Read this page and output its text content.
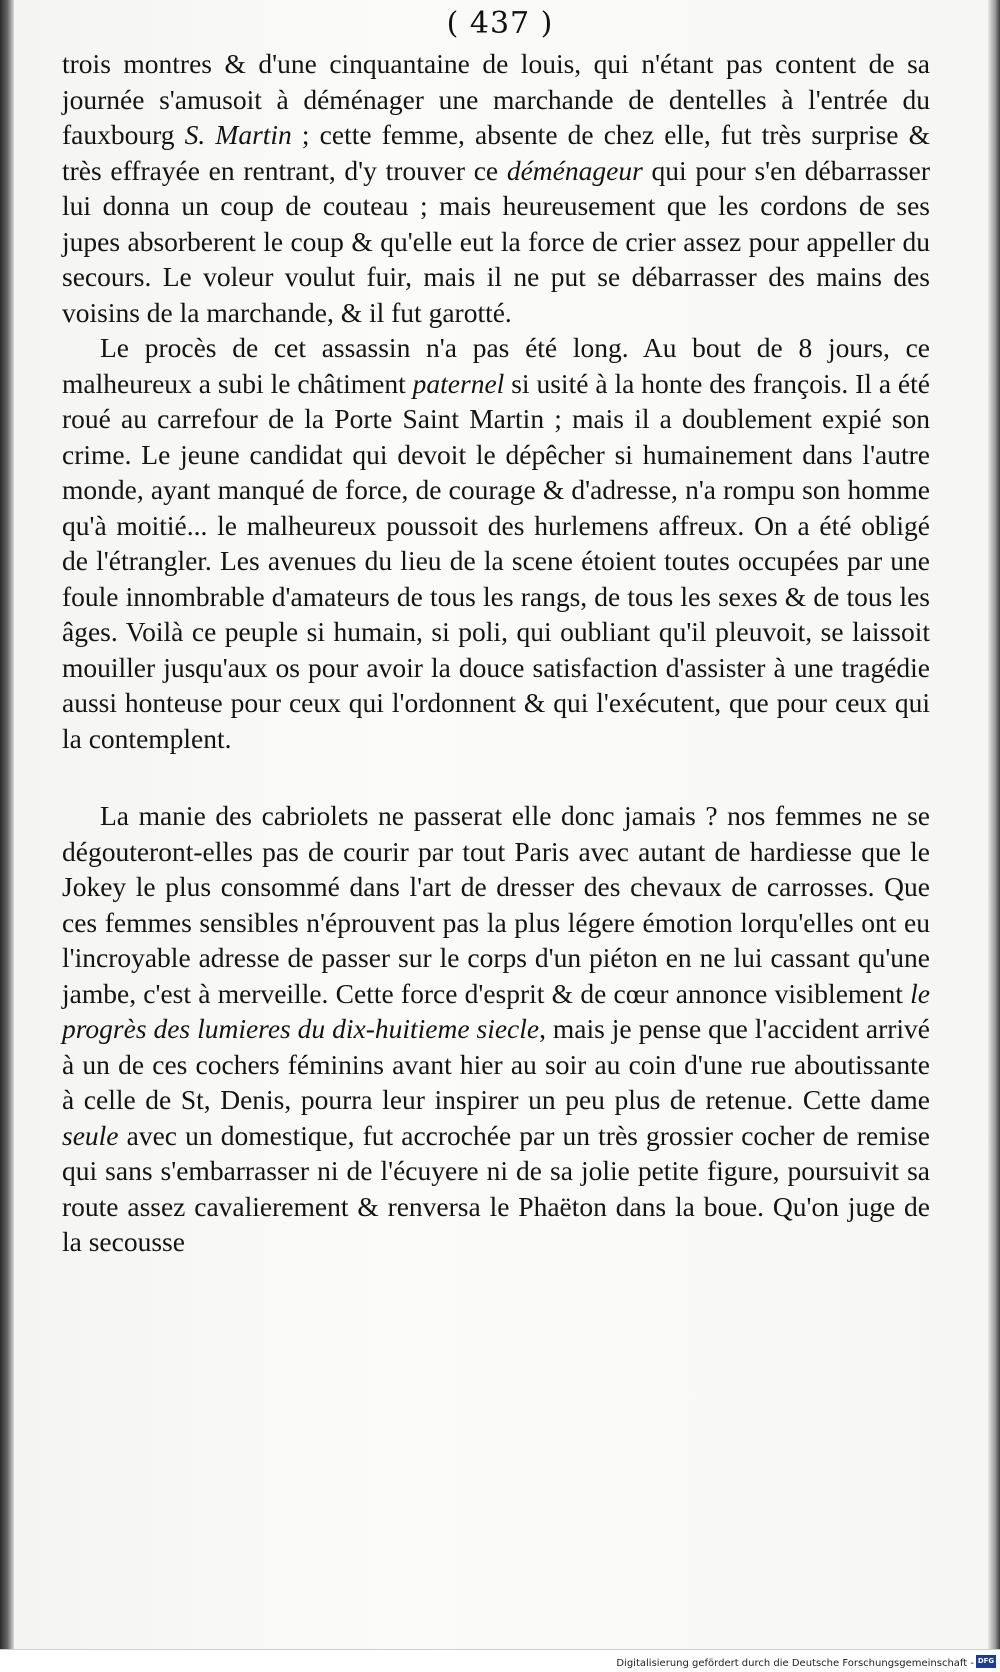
( 437 )

trois montres & d'une cinquantaine de louis, qui n'étant pas content de sa journée s'amusoit à déménager une marchande de dentelles à l'entrée du fauxbourg S. Martin ; cette femme, absente de chez elle, fut très surprise & très effrayée en rentrant, d'y trouver ce déménageur qui pour s'en débarrasser lui donna un coup de couteau ; mais heureusement que les cordons de ses jupes absorberent le coup & qu'elle eut la force de crier assez pour appeller du secours. Le voleur voulut fuir, mais il ne put se débarrasser des mains des voisins de la marchande, & il fut garotté.

Le procès de cet assassin n'a pas été long. Au bout de 8 jours, ce malheureux a subi le châtiment paternel si usité à la honte des françois. Il a été roué au carrefour de la Porte Saint Martin ; mais il a doublement expié son crime. Le jeune candidat qui devoit le dépêcher si humainement dans l'autre monde, ayant manqué de force, de courage & d'adresse, n'a rompu son homme qu'à moitié... le malheureux poussoit des hurlemens affreux. On a été obligé de l'étrangler. Les avenues du lieu de la scene étoient toutes occupées par une foule innombrable d'amateurs de tous les rangs, de tous les sexes & de tous les âges. Voilà ce peuple si humain, si poli, qui oubliant qu'il pleuvoit, se laissoit mouiller jusqu'aux os pour avoir la douce satisfaction d'assister à une tragédie aussi honteuse pour ceux qui l'ordonnent & qui l'exécutent, que pour ceux qui la contemplent.

La manie des cabriolets ne passerat elle donc jamais ? nos femmes ne se dégouteront-elles pas de courir par tout Paris avec autant de hardiesse que le Jokey le plus consommé dans l'art de dresser des chevaux de carrosses. Que ces femmes sensibles n'éprouvent pas la plus légere émotion lorqu'elles ont eu l'incroyable adresse de passer sur le corps d'un piéton en ne lui cassant qu'une jambe, c'est à merveille. Cette force d'esprit & de cœur annonce visiblement le progrès des lumieres du dix-huitieme siecle, mais je pense que l'accident arrivé à un de ces cochers féminins avant hier au soir au coin d'une rue aboutissante à celle de St, Denis, pourra leur inspirer un peu plus de retenue. Cette dame seule avec un domestique, fut accrochée par un très grossier cocher de remise qui sans s'embarrasser ni de l'écuyere ni de sa jolie petite figure, poursuivit sa route assez cavalierement & renversa le Phaëton dans la boue. Qu'on juge de la secousse

Digitalisierung gefördert durch die Deutsche Forschungsgemeinschaft - DFG
